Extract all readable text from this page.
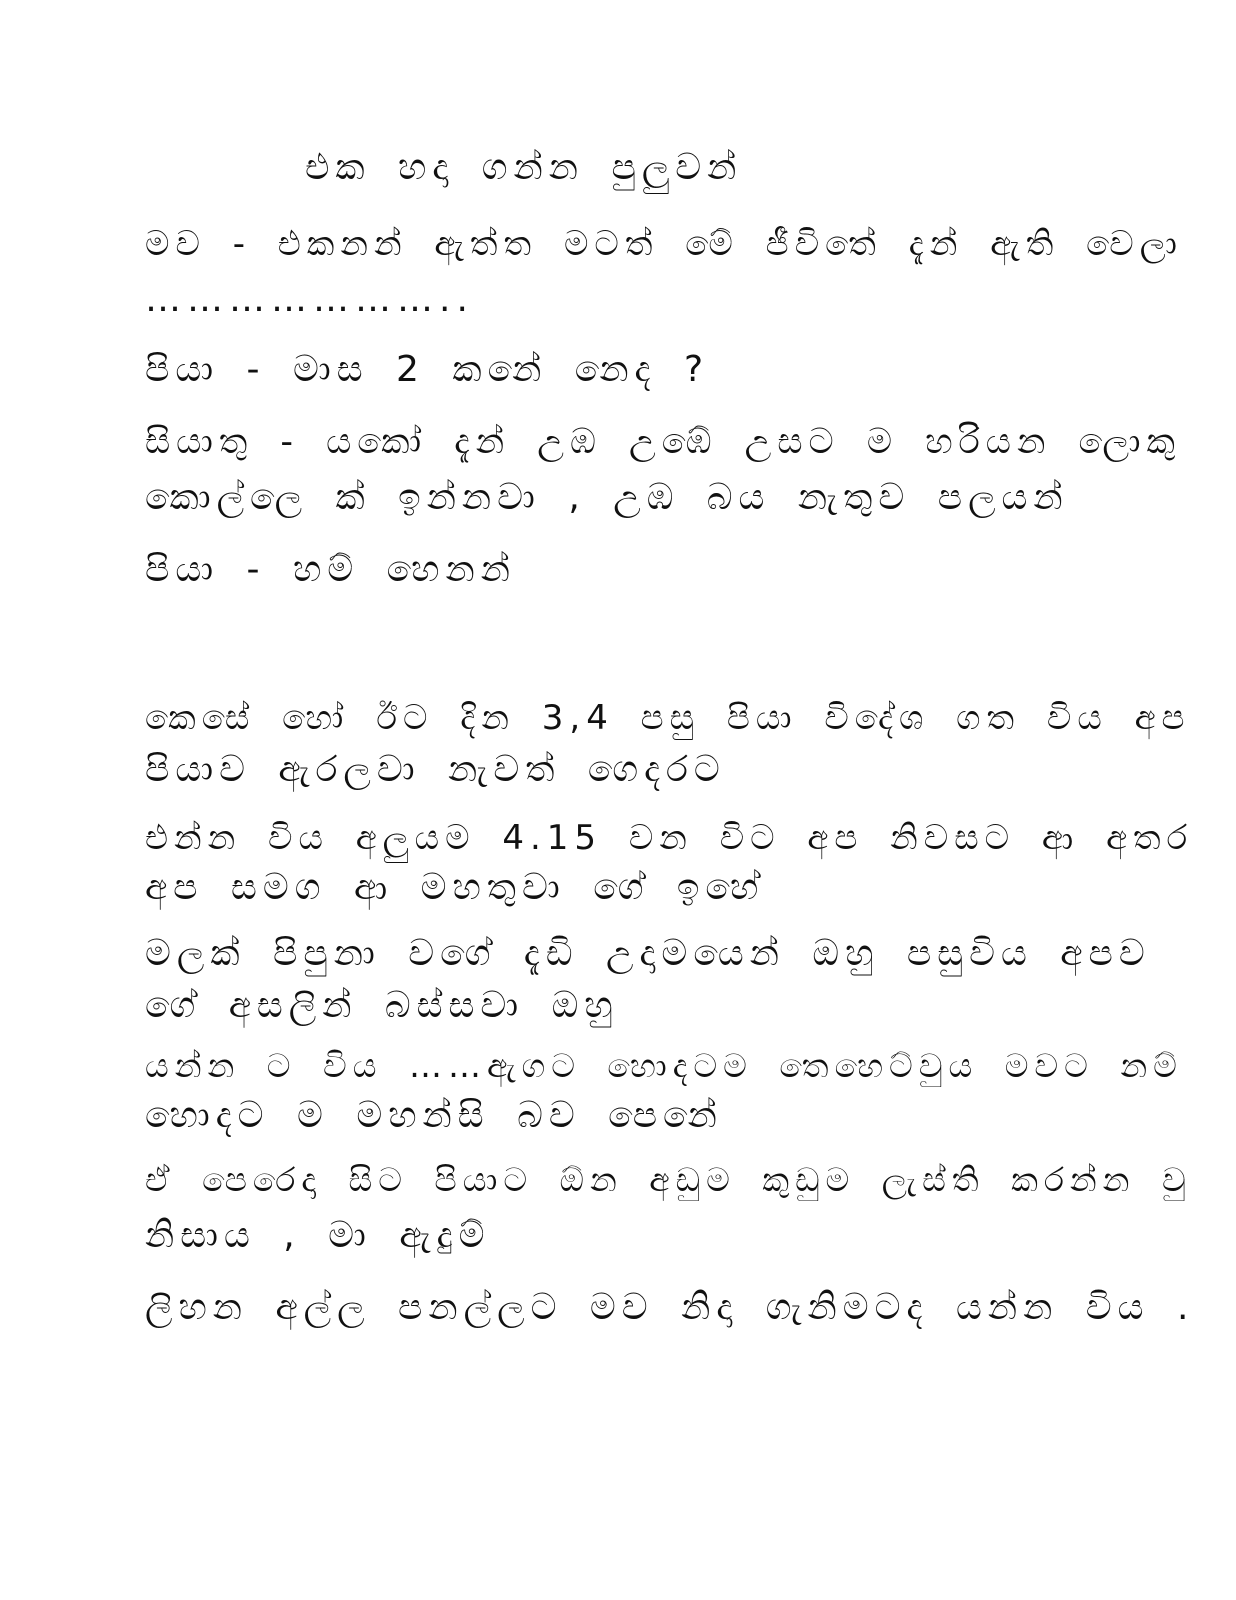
එක හදා ගන්න පුලුවන්
මව - එකනන් ඇත්ත මටත් මේ ජීවිතේ දැන් ඇති වෙලා
…………………..
පියා - මාස 2 කනේ නෙද ?
සියාතු - යකෝ දැන් උඹ උඹේ උසට ම හරියන ලොකු
කොල්ලෙ ක් ඉන්නවා , උඹ බය නැතුව පලයන්
පියා - හම් හෙනන්
කෙසේ හෝ ඊට දින 3,4 පසු පියා විදේශ ගත විය අප
පියාව ඇරලවා නැවත් ගෙදරට
එන්න විය අලුයම 4.15 වන විට අප නිවසට ආ අතර
අප සමග ආ මහතුවා ගේ ඉහේ
මලක් පිපුනා වගේ දැඩි උදාමයෙන් ඔහු පසුවිය අපව
ගේ අසලින් බස්සවා ඔහු
යන්න ට විය ……ඇගට හොදටම තෙහෙට්වුය මවට නම්
හොදට ම මහන්සි බව පෙනේ
ඒ පෙරෙදා සිට පියාට ඕන අඩුම කුඩුම ලැස්ති කරන්න වු
නිසාය , මා ඇදුම්
ලිහන අල්ල පනල්ලට මව නිදා ගැනිමටද යන්න විය .
